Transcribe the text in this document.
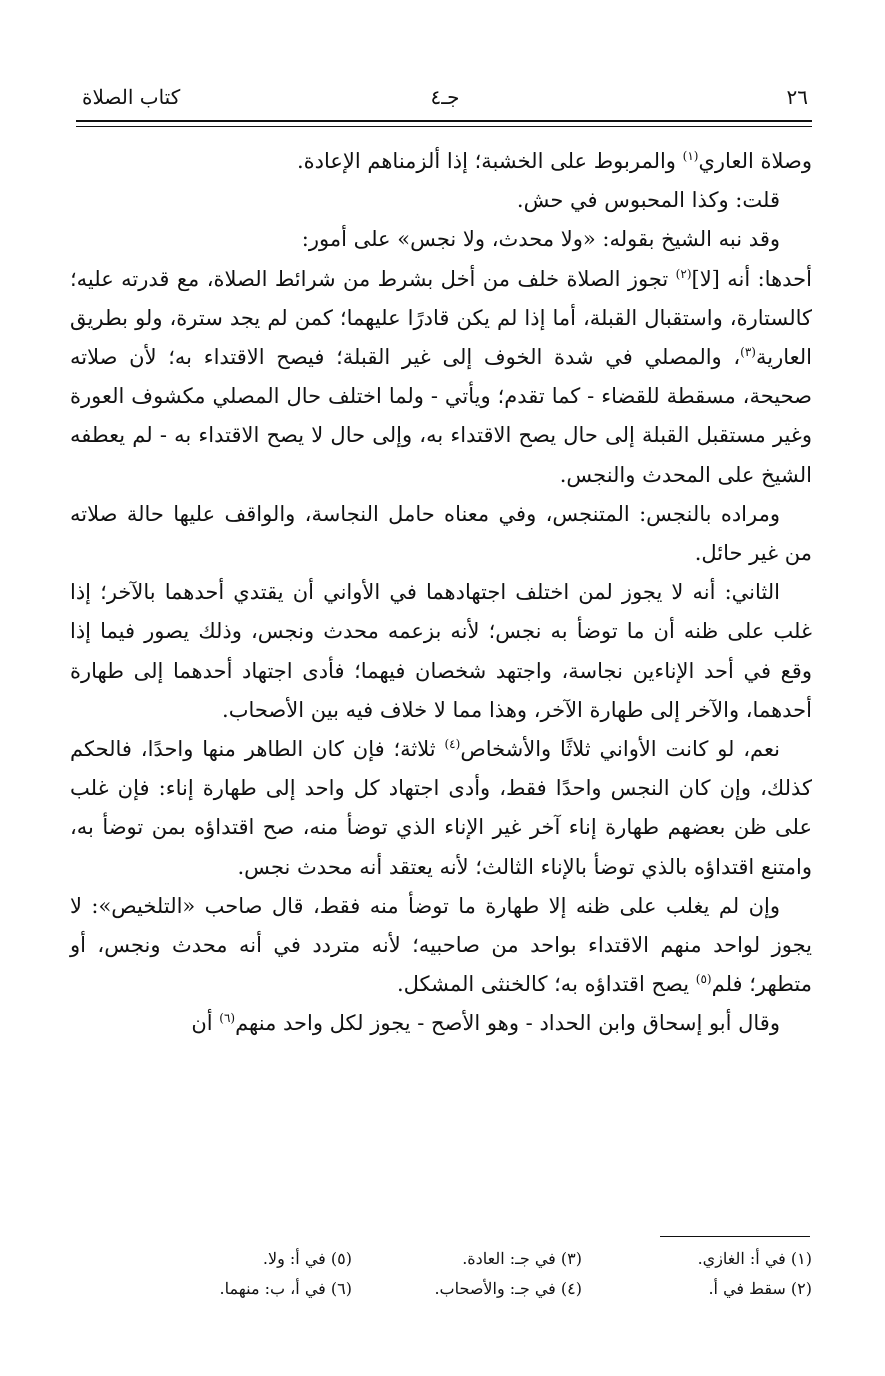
٢٦
جـ٤
كتاب الصلاة

وصلاة العاري$^{(١)}$ والمربوط على الخشبة؛ إذا ألزمناهم الإعادة.

قلت: وكذا المحبوس في حش.

وقد نبه الشيخ بقوله: «ولا محدث، ولا نجس» على أمور:

أحدها: أنه [لا]$^{(٢)}$ تجوز الصلاة خلف من أخل بشرط من شرائط الصلاة، مع قدرته عليه؛ كالستارة، واستقبال القبلة، أما إذا لم يكن قادرًا عليهما؛ كمن لم يجد سترة، ولو بطريق العارية$^{(٣)}$، والمصلي في شدة الخوف إلى غير القبلة؛ فيصح الاقتداء به؛ لأن صلاته صحيحة، مسقطة للقضاء - كما تقدم؛ ويأتي - ولما اختلف حال المصلي مكشوف العورة وغير مستقبل القبلة إلى حال يصح الاقتداء به، وإلى حال لا يصح الاقتداء به - لم يعطفه الشيخ على المحدث والنجس.

ومراده بالنجس: المتنجس، وفي معناه حامل النجاسة، والواقف عليها حالة صلاته من غير حائل.

الثاني: أنه لا يجوز لمن اختلف اجتهادهما في الأواني أن يقتدي أحدهما بالآخر؛ إذا غلب على ظنه أن ما توضأ به نجس؛ لأنه بزعمه محدث ونجس، وذلك يصور فيما إذا وقع في أحد الإناءين نجاسة، واجتهد شخصان فيهما؛ فأدى اجتهاد أحدهما إلى طهارة أحدهما، والآخر إلى طهارة الآخر، وهذا مما لا خلاف فيه بين الأصحاب.

نعم، لو كانت الأواني ثلاثًا والأشخاص$^{(٤)}$ ثلاثة؛ فإن كان الطاهر منها واحدًا، فالحكم كذلك، وإن كان النجس واحدًا فقط، وأدى اجتهاد كل واحد إلى طهارة إناء: فإن غلب على ظن بعضهم طهارة إناء آخر غير الإناء الذي توضأ منه، صح اقتداؤه بمن توضأ به، وامتنع اقتداؤه بالذي توضأ بالإناء الثالث؛ لأنه يعتقد أنه محدث نجس.

وإن لم يغلب على ظنه إلا طهارة ما توضأ منه فقط، قال صاحب «التلخيص»: لا يجوز لواحد منهم الاقتداء بواحد من صاحبيه؛ لأنه متردد في أنه محدث ونجس، أو متطهر؛ فلم$^{(٥)}$ يصح اقتداؤه به؛ كالخنثى المشكل.

وقال أبو إسحاق وابن الحداد - وهو الأصح - يجوز لكل واحد منهم$^{(٦)}$ أن

(١) في أ: الغازي.
(٣) في جـ: العادة.
(٥) في أ: ولا.
(٢) سقط في أ.
(٤) في جـ: والأصحاب.
(٦) في أ، ب: منهما.
